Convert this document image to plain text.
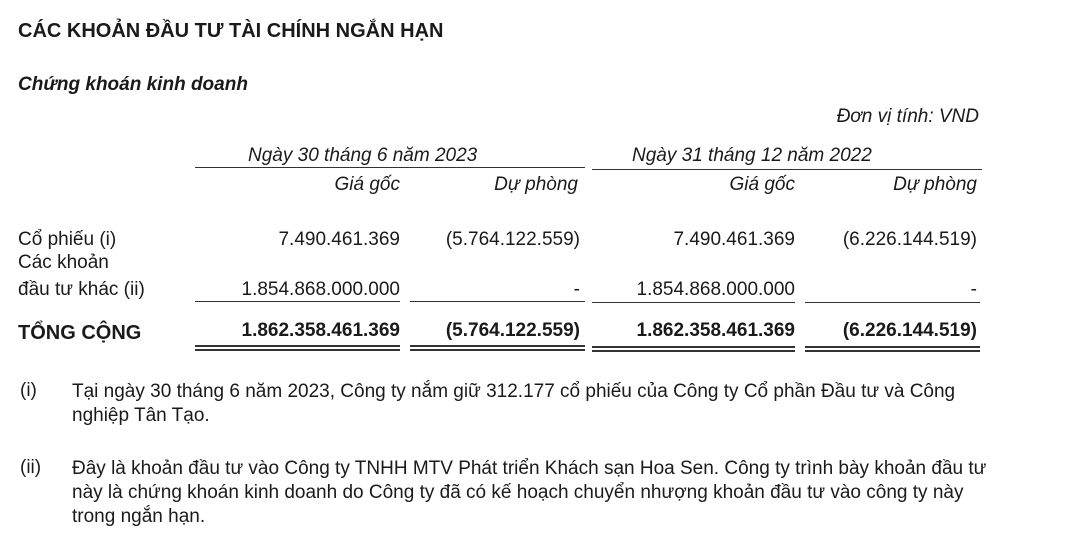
CÁC KHOẢN ĐẦU TƯ TÀI CHÍNH NGẮN HẠN
Chứng khoán kinh doanh
Đơn vị tính: VND
Ngày 30 tháng 6 năm 2023	Ngày 31 tháng 12 năm 2022
Giá gốc	Dự phòng	Giá gốc	Dự phòng
Cổ phiếu (i)	7.490.461.369	(5.764.122.559)	7.490.461.369	(6.226.144.519)
Các khoản
đầu tư khác (ii)	1.854.868.000.000	-	1.854.868.000.000	-
TỔNG CỘNG	1.862.358.461.369	(5.764.122.559)	1.862.358.461.369	(6.226.144.519)
(i) Tại ngày 30 tháng 6 năm 2023, Công ty nắm giữ 312.177 cổ phiếu của Công ty Cổ phần Đầu tư và Công nghiệp Tân Tạo.
(ii) Đây là khoản đầu tư vào Công ty TNHH MTV Phát triển Khách sạn Hoa Sen. Công ty trình bày khoản đầu tư này là chứng khoán kinh doanh do Công ty đã có kế hoạch chuyển nhượng khoản đầu tư vào công ty này trong ngắn hạn.
